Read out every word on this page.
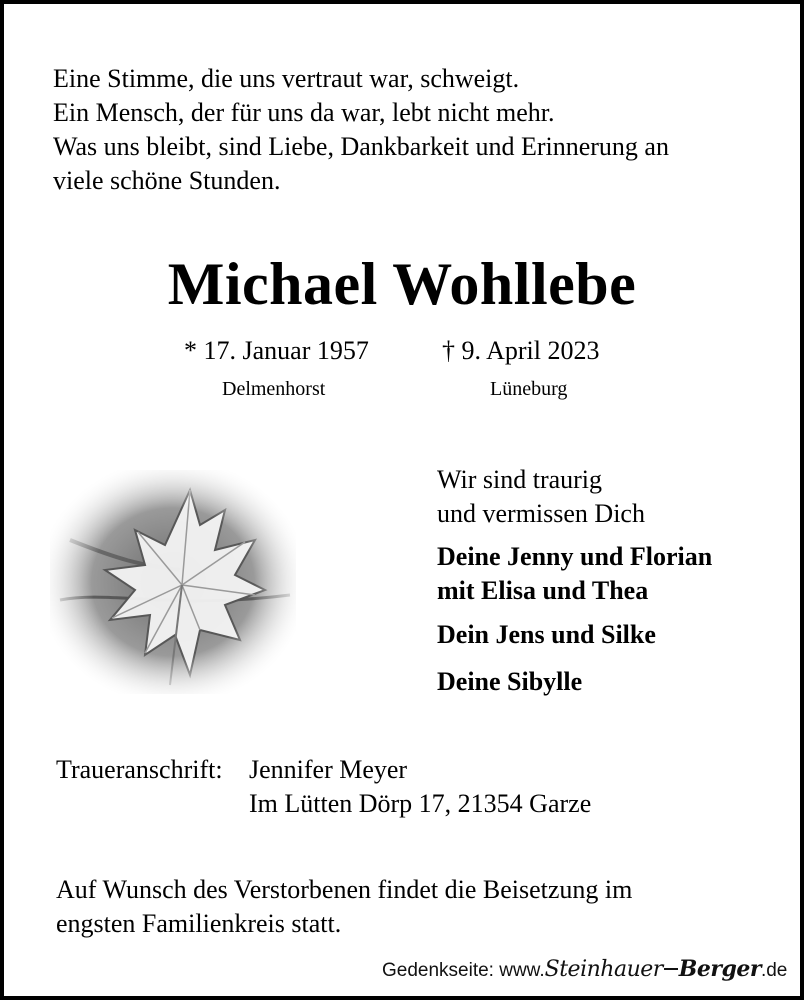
Eine Stimme, die uns vertraut war, schweigt.
Ein Mensch, der für uns da war, lebt nicht mehr.
Was uns bleibt, sind Liebe, Dankbarkeit und Erinnerung an
viele schöne Stunden.
Michael Wohllebe
* 17. Januar 1957	† 9. April 2023
Delmenhorst	Lüneburg
Wir sind traurig
und vermissen Dich
Deine Jenny und Florian
mit Elisa und Thea
Dein Jens und Silke
Deine Sibylle
Traueranschrift: Jennifer Meyer
Im Lütten Dörp 17, 21354 Garze
Auf Wunsch des Verstorbenen findet die Beisetzung im
engsten Familienkreis statt.
Gedenkseite: www.Steinhauer Berger.de
